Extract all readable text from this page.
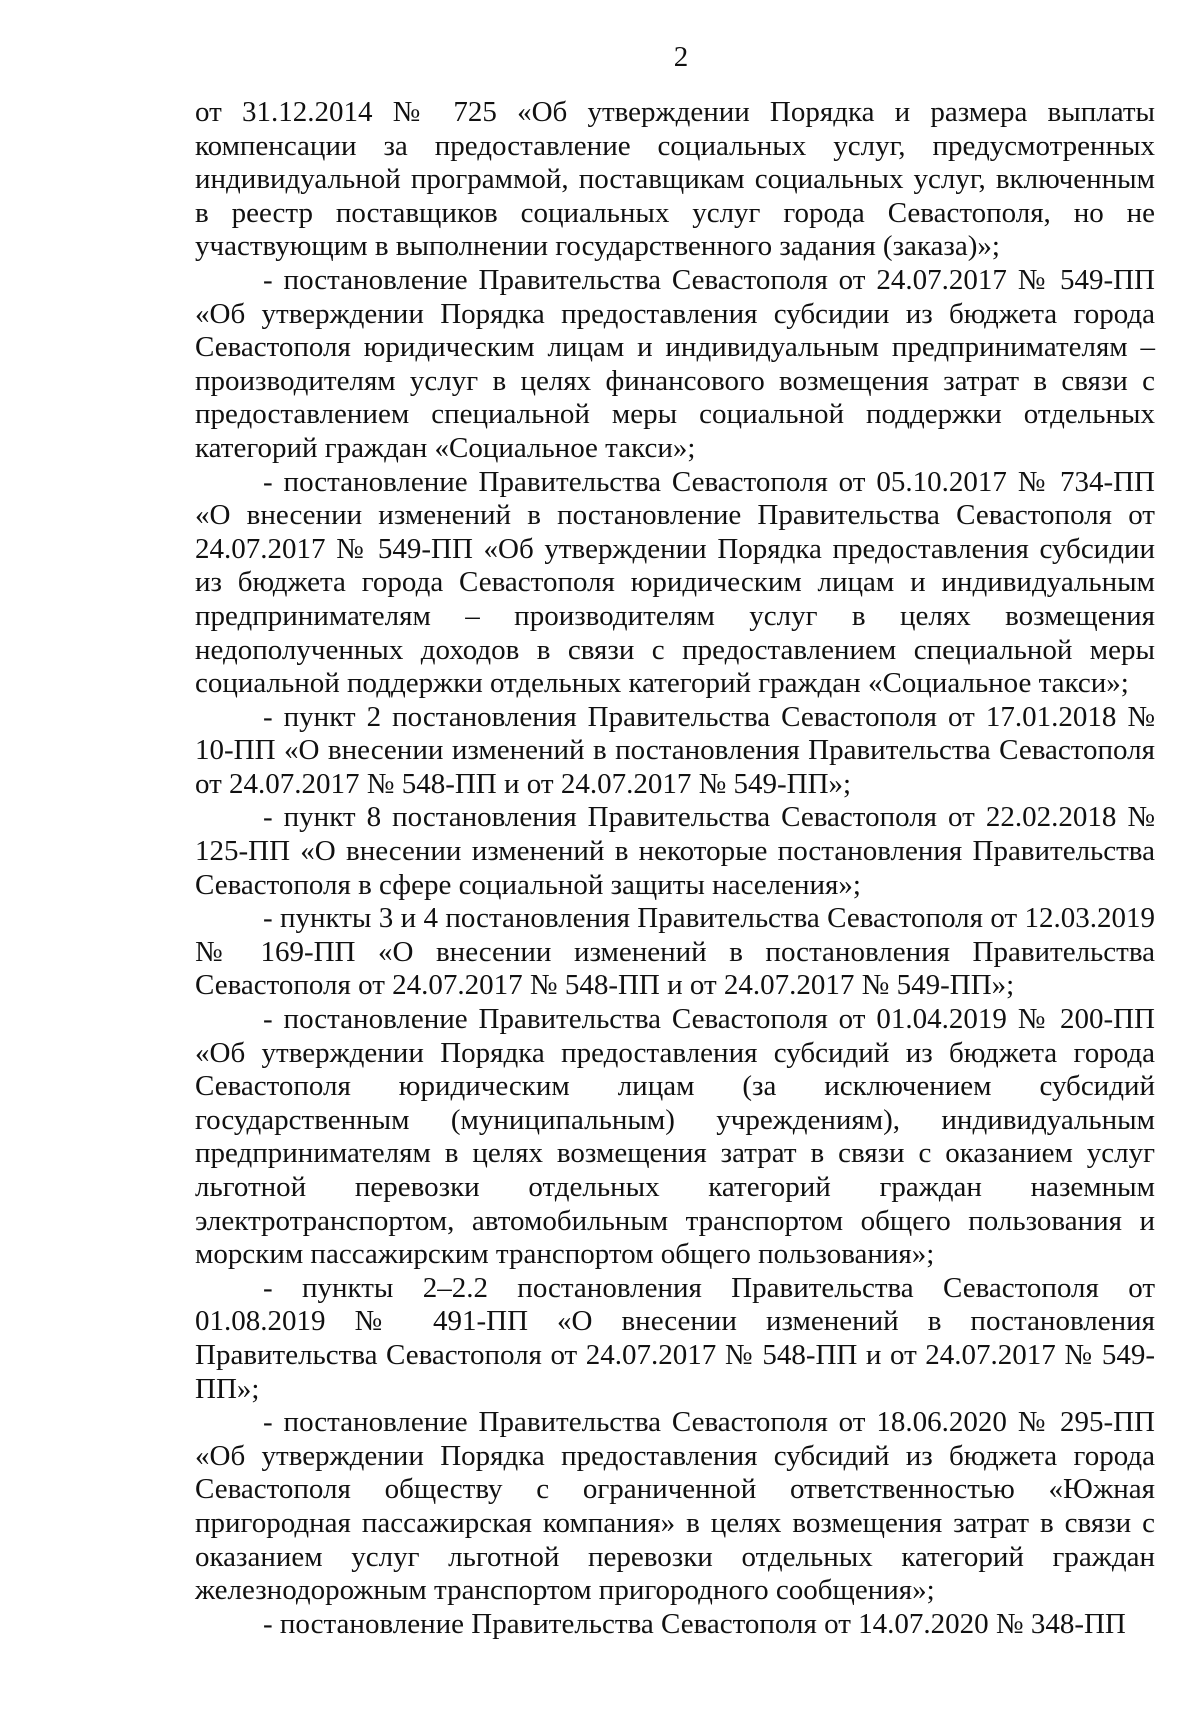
2

от 31.12.2014 № 725 «Об утверждении Порядка и размера выплаты компенсации за предоставление социальных услуг, предусмотренных индивидуальной программой, поставщикам социальных услуг, включенным в реестр поставщиков социальных услуг города Севастополя, но не участвующим в выполнении государственного задания (заказа)»;

- постановление Правительства Севастополя от 24.07.2017 № 549-ПП «Об утверждении Порядка предоставления субсидии из бюджета города Севастополя юридическим лицам и индивидуальным предпринимателям – производителям услуг в целях финансового возмещения затрат в связи с предоставлением специальной меры социальной поддержки отдельных категорий граждан «Социальное такси»;

- постановление Правительства Севастополя от 05.10.2017 № 734-ПП «О внесении изменений в постановление Правительства Севастополя от 24.07.2017 № 549-ПП «Об утверждении Порядка предоставления субсидии из бюджета города Севастополя юридическим лицам и индивидуальным предпринимателям – производителям услуг в целях возмещения недополученных доходов в связи с предоставлением специальной меры социальной поддержки отдельных категорий граждан «Социальное такси»;

- пункт 2 постановления Правительства Севастополя от 17.01.2018 № 10-ПП «О внесении изменений в постановления Правительства Севастополя от 24.07.2017 № 548-ПП и от 24.07.2017 № 549-ПП»;

- пункт 8 постановления Правительства Севастополя от 22.02.2018 № 125-ПП «О внесении изменений в некоторые постановления Правительства Севастополя в сфере социальной защиты населения»;

- пункты 3 и 4 постановления Правительства Севастополя от 12.03.2019 № 169-ПП «О внесении изменений в постановления Правительства Севастополя от 24.07.2017 № 548-ПП и от 24.07.2017 № 549-ПП»;

- постановление Правительства Севастополя от 01.04.2019 № 200-ПП «Об утверждении Порядка предоставления субсидий из бюджета города Севастополя юридическим лицам (за исключением субсидий государственным (муниципальным) учреждениям), индивидуальным предпринимателям в целях возмещения затрат в связи с оказанием услуг льготной перевозки отдельных категорий граждан наземным электротранспортом, автомобильным транспортом общего пользования и морским пассажирским транспортом общего пользования»;

- пункты 2–2.2 постановления Правительства Севастополя от 01.08.2019 № 491-ПП «О внесении изменений в постановления Правительства Севастополя от 24.07.2017 № 548-ПП и от 24.07.2017 № 549-ПП»;

- постановление Правительства Севастополя от 18.06.2020 № 295-ПП «Об утверждении Порядка предоставления субсидий из бюджета города Севастополя обществу с ограниченной ответственностью «Южная пригородная пассажирская компания» в целях возмещения затрат в связи с оказанием услуг льготной перевозки отдельных категорий граждан железнодорожным транспортом пригородного сообщения»;

- постановление Правительства Севастополя от 14.07.2020 № 348-ПП
